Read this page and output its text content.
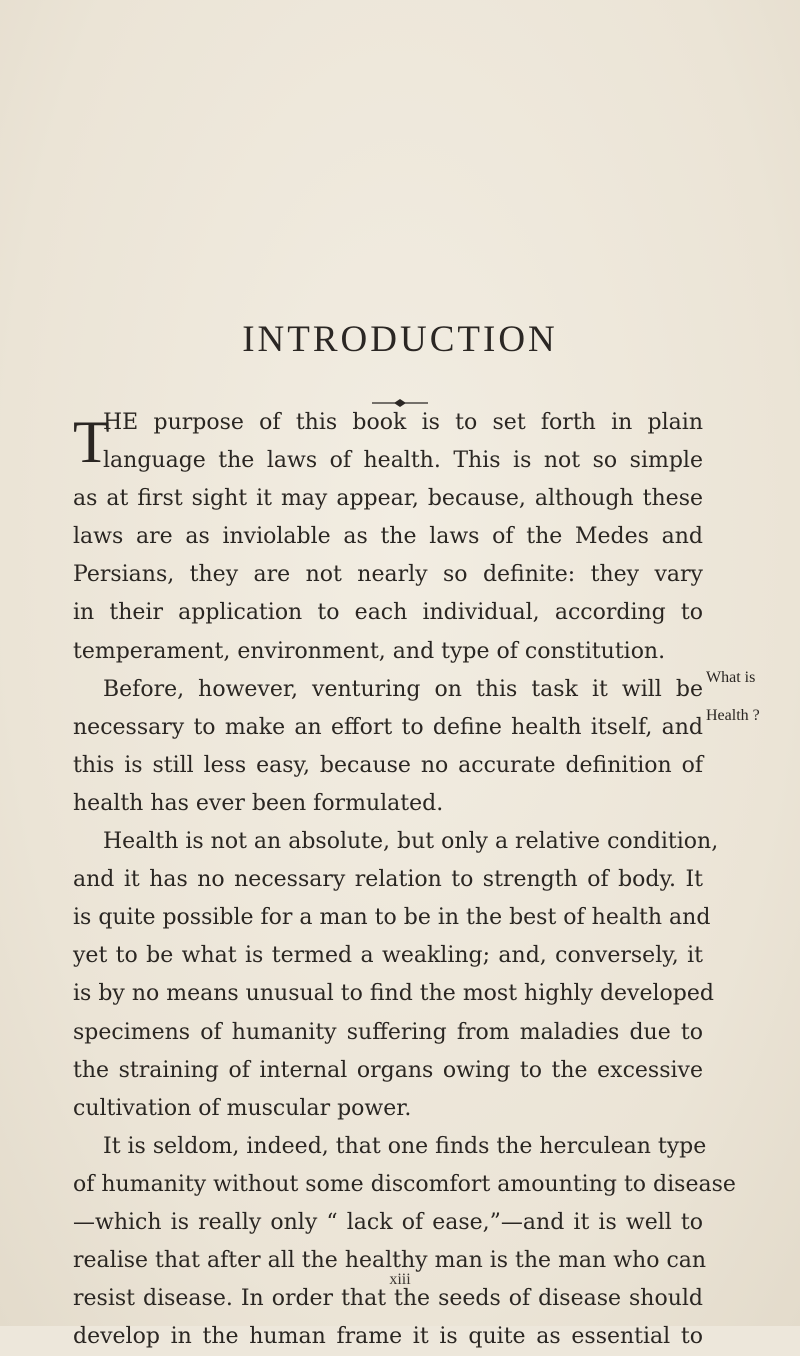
INTRODUCTION
T
HE purpose of this book is to set forth in plain
language the laws of health. This is not so simple
as at first sight it may appear, because, although these
laws are as inviolable as the laws of the Medes and
Persians, they are not nearly so definite: they vary
in their application to each individual, according to
temperament, environment, and type of constitution.
Before, however, venturing on this task it will be
necessary to make an effort to define health itself, and
this is still less easy, because no accurate definition of
health has ever been formulated.
Health is not an absolute, but only a relative condition,
and it has no necessary relation to strength of body. It
is quite possible for a man to be in the best of health and
yet to be what is termed a weakling; and, conversely, it
is by no means unusual to find the most highly developed
specimens of humanity suffering from maladies due to
the straining of internal organs owing to the excessive
cultivation of muscular power.
It is seldom, indeed, that one finds the herculean type
of humanity without some discomfort amounting to disease
—which is really only “ lack of ease,”—and it is well to
realise that after all the healthy man is the man who can
resist disease. In order that the seeds of disease should
develop in the human frame it is quite as essential to
What is
Health ?
xiii
